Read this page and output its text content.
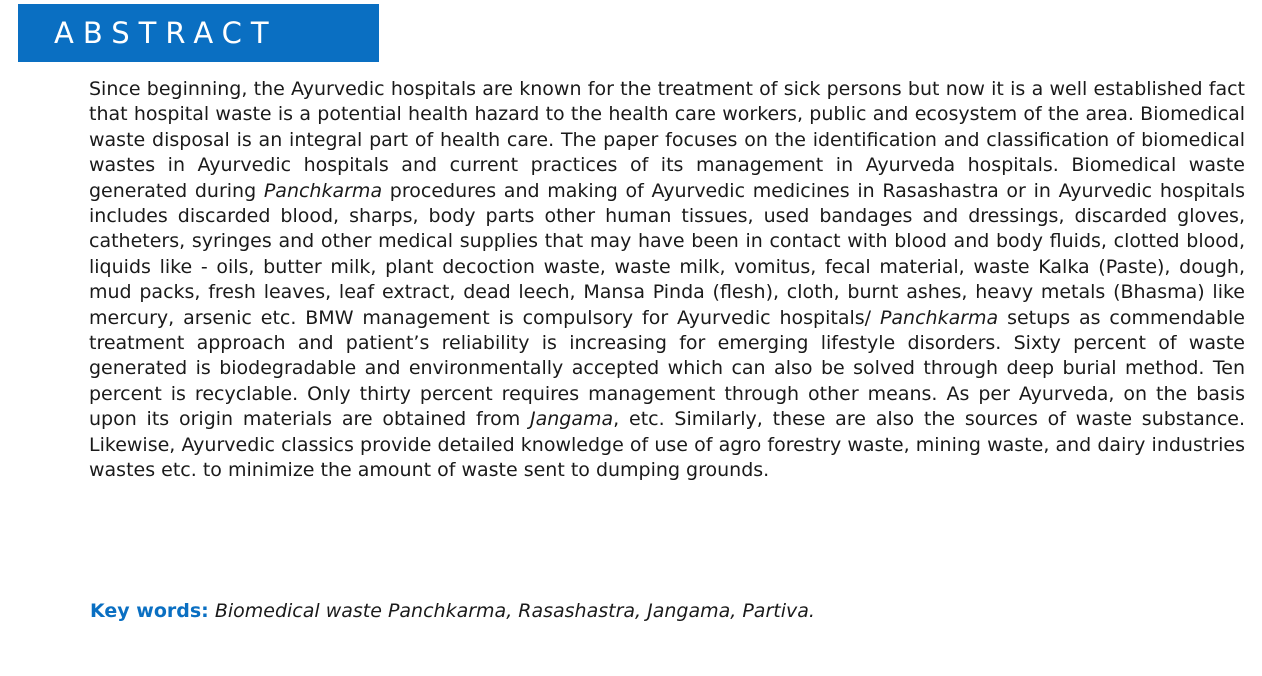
ABSTRACT

Since beginning, the Ayurvedic hospitals are known for the treatment of sick persons but now it is a well established fact that hospital waste is a potential health hazard to the health care workers, public and ecosystem of the area. Biomedical waste disposal is an integral part of health care. The paper focuses on the identification and classification of biomedical wastes in Ayurvedic hospitals and current practices of its management in Ayurveda hospitals. Biomedical waste generated during Panchkarma procedures and making of Ayurvedic medicines in Rasashastra or in Ayurvedic hospitals includes discarded blood, sharps, body parts other human tissues, used bandages and dressings, discarded gloves, catheters, syringes and other medical supplies that may have been in contact with blood and body fluids, clotted blood, liquids like - oils, butter milk, plant decoction waste, waste milk, vomitus, fecal material, waste Kalka (Paste), dough, mud packs, fresh leaves, leaf extract, dead leech, Mansa Pinda (flesh), cloth, burnt ashes, heavy metals (Bhasma) like mercury, arsenic etc. BMW management is compulsory for Ayurvedic hospitals/ Panchkarma setups as commendable treatment approach and patient’s reliability is increasing for emerging lifestyle disorders. Sixty percent of waste generated is biodegradable and environmentally accepted which can also be solved through deep burial method. Ten percent is recyclable. Only thirty percent requires management through other means. As per Ayurveda, on the basis upon its origin materials are obtained from Jangama, etc. Similarly, these are also the sources of waste substance. Likewise, Ayurvedic classics provide detailed knowledge of use of agro forestry waste, mining waste, and dairy industries wastes etc. to minimize the amount of waste sent to dumping grounds.

Key words: Biomedical waste Panchkarma, Rasashastra, Jangama, Partiva.
